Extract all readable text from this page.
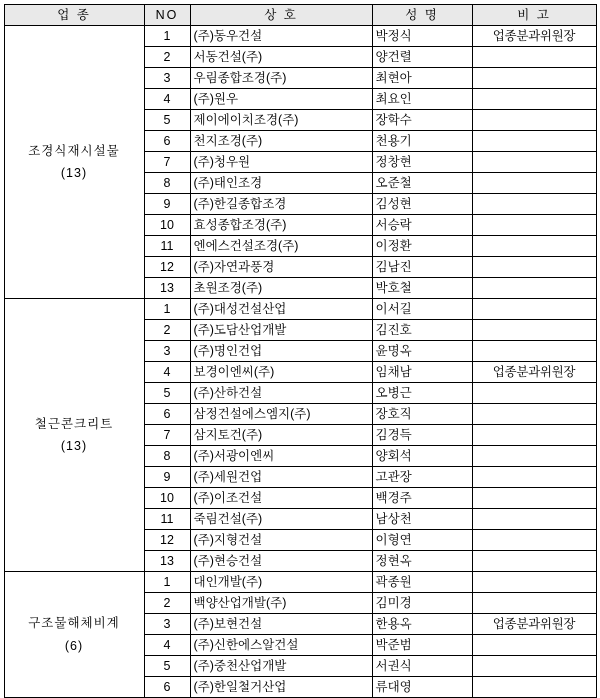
업 종	NO	상 호	성 명	비 고

조경식재시설물
(13)	1	(주)동우건설	박정식	업종분과위원장
	2	서동건설(주)	양건렬	
	3	우림종합조경(주)	최현아	
	4	(주)원우	최요인	
	5	제이에이치조경(주)	장학수	
	6	천지조경(주)	천용기	
	7	(주)청우원	정창현	
	8	(주)태인조경	오준철	
	9	(주)한길종합조경	김성현	
	10	효성종합조경(주)	서승락	
	11	엔에스건설조경(주)	이정환	
	12	(주)자연과풍경	김남진	
	13	초원조경(주)	박호철	

철근콘크리트
(13)	1	(주)대성건설산업	이서길	
	2	(주)도담산업개발	김진호	
	3	(주)명인건업	윤명옥	
	4	보경이엔씨(주)	임채남	업종분과위원장
	5	(주)산하건설	오병근	
	6	삼정건설에스엠지(주)	장호직	
	7	삼지토건(주)	김경득	
	8	(주)서광이엔씨	양회석	
	9	(주)세원건업	고관장	
	10	(주)이조건설	백경주	
	11	죽림건설(주)	남상천	
	12	(주)지형건설	이형연	
	13	(주)현승건설	정현옥	

구조물해체비계
(6)	1	대인개발(주)	곽종원	
	2	백양산업개발(주)	김미경	
	3	(주)보현건설	한용옥	업종분과위원장
	4	(주)신한에스알건설	박준범	
	5	(주)중천산업개발	서권식	
	6	(주)한일철거산업	류대영	
